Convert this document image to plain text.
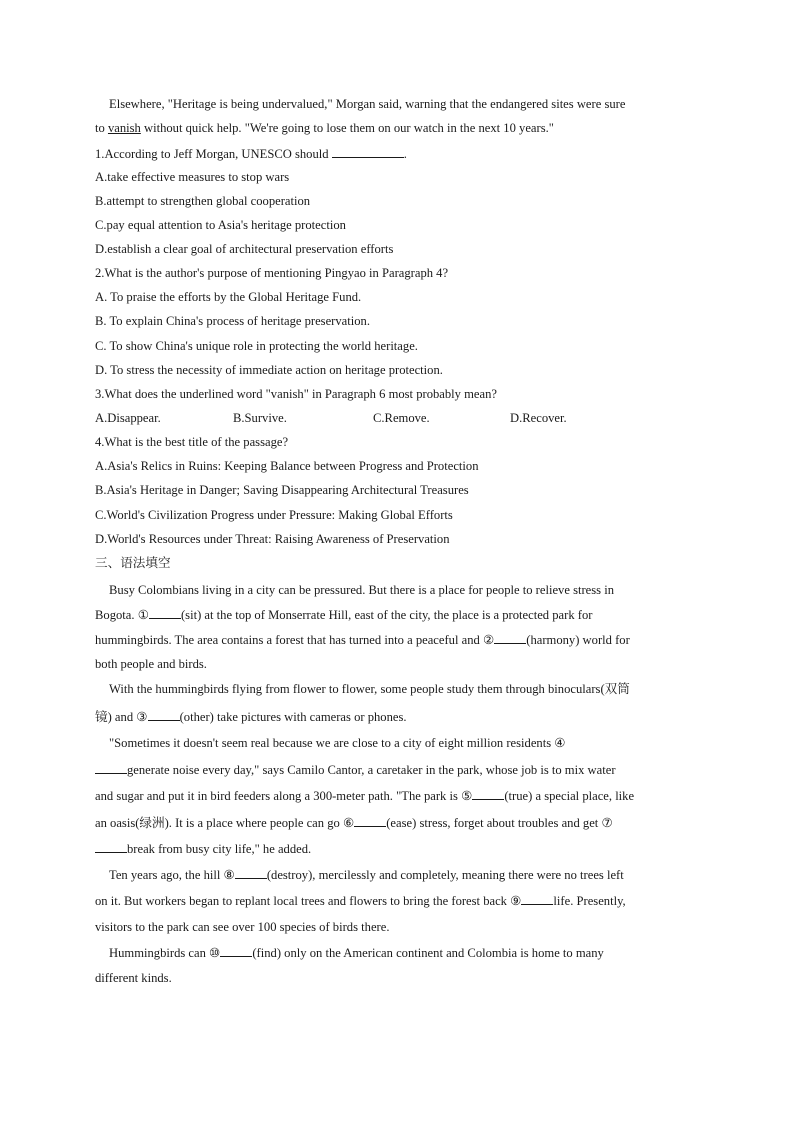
Elsewhere, "Heritage is being undervalued," Morgan said, warning that the endangered sites were sure
to vanish without quick help. "We're going to lose them on our watch in the next 10 years."
1.According to Jeff Morgan, UNESCO should	.
A.take effective measures to stop wars
B.attempt to strengthen global cooperation
C.pay equal attention to Asia's heritage protection
D.establish a clear goal of architectural preservation efforts
2.What is the author's purpose of mentioning Pingyao in Paragraph 4?
A. To praise the efforts by the Global Heritage Fund.
B. To explain China's process of heritage preservation.
C. To show China's unique role in protecting the world heritage.
D. To stress the necessity of immediate action on heritage protection.
3.What does the underlined word "vanish" in Paragraph 6 most probably mean?
A.Disappear.	B.Survive.	C.Remove.	D.Recover.
4.What is the best title of the passage?
A.Asia's Relics in Ruins: Keeping Balance between Progress and Protection
B.Asia's Heritage in Danger; Saving Disappearing Architectural Treasures
C.World's Civilization Progress under Pressure: Making Global Efforts
D.World's Resources under Threat: Raising Awareness of Preservation
三、语法填空
Busy Colombians living in a city can be pressured. But there is a place for people to relieve stress in
Bogota. ①	(sit) at the top of Monserrate Hill, east of the city, the place is a protected park for
hummingbirds. The area contains a forest that has turned into a peaceful and ②	(harmony) world for
both people and birds.
With the hummingbirds flying from flower to flower, some people study them through binoculars(双筒
镜) and ③	(other) take pictures with cameras or phones.
"Sometimes it doesn't seem real because we are close to a city of eight million residents ④
generate noise every day," says Camilo Cantor, a caretaker in the park, whose job is to mix water
and sugar and put it in bird feeders along a 300-meter path. "The park is ⑤	(true) a special place, like
an oasis(绿洲). It is a place where people can go ⑥	(ease) stress, forget about troubles and get ⑦
break from busy city life," he added.
Ten years ago, the hill ⑧	(destroy), mercilessly and completely, meaning there were no trees left
on it. But workers began to replant local trees and flowers to bring the forest back ⑨	life. Presently,
visitors to the park can see over 100 species of birds there.
Hummingbirds can ⑩	(find) only on the American continent and Colombia is home to many
different kinds.
